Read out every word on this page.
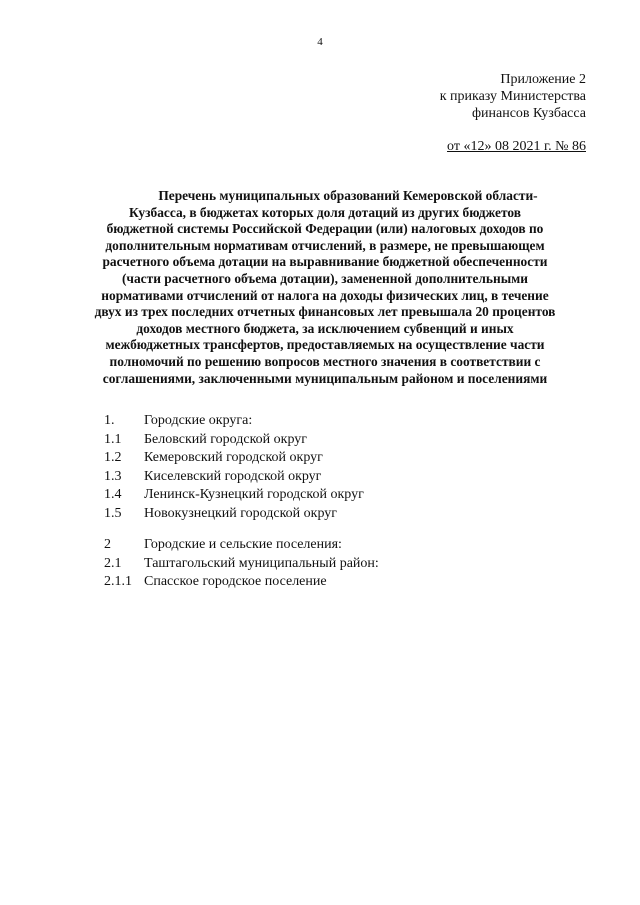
4
Приложение 2
к приказу Министерства
финансов Кузбасса
от «12» 08 2021 г. № 86
Перечень муниципальных образований Кемеровской области-
Кузбасса, в бюджетах которых доля дотаций из других бюджетов
бюджетной системы Российской Федерации (или) налоговых доходов по
дополнительным нормативам отчислений, в размере, не превышающем
расчетного объема дотации на выравнивание бюджетной обеспеченности
(части расчетного объема дотации), замененной дополнительными
нормативами отчислений от налога на доходы физических лиц, в течение
двух из трех последних отчетных финансовых лет превышала 20 процентов
доходов местного бюджета, за исключением субвенций и иных
межбюджетных трансфертов, предоставляемых на осуществление части
полномочий по решению вопросов местного значения в соответствии с
соглашениями, заключенными муниципальным районом и поселениями
1.	Городские округа:
1.1	Беловский городской округ
1.2	Кемеровский городской округ
1.3	Киселевский городской округ
1.4	Ленинск-Кузнецкий городской округ
1.5	Новокузнецкий городской округ
2	Городские и сельские поселения:
2.1	Таштагольский муниципальный район:
2.1.1 Спасское городское поселение
